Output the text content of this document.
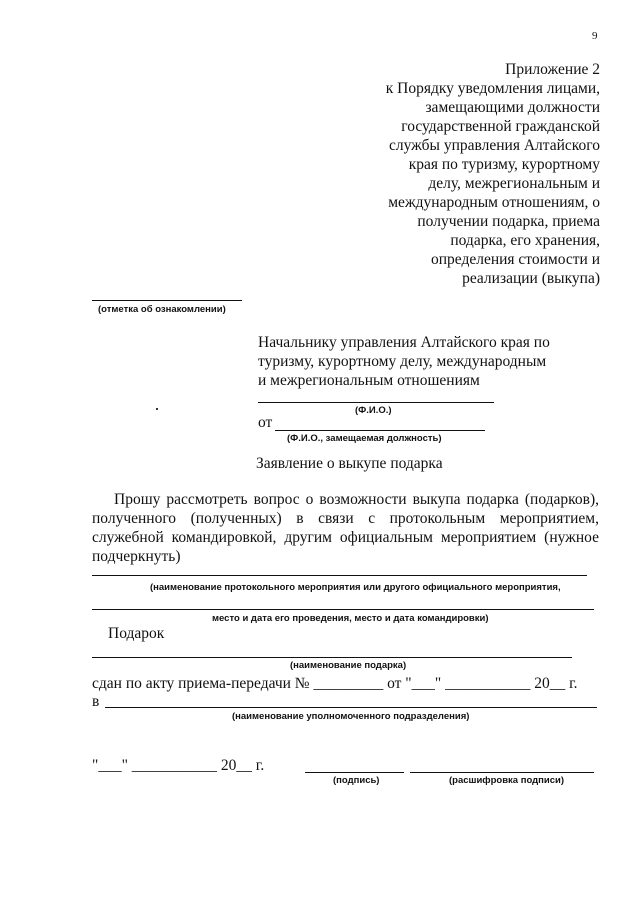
9
Приложение 2
к Порядку уведомления лицами,
замещающими должности
государственной гражданской
службы управления Алтайского
края по туризму, курортному
делу, межрегиональным и
международным отношениям, о
получении подарка, приема
подарка, его хранения,
определения стоимости и
реализации (выкупа)
(отметка об ознакомлении)
Начальнику управления Алтайского края по
туризму, курортному делу, международным
и межрегиональным отношениям
(Ф.И.О.)
от
(Ф.И.О., замещаемая должность)
Заявление о выкупе подарка
Прошу рассмотреть вопрос о возможности выкупа подарка (подарков), полученного (полученных) в связи с протокольным мероприятием, служебной командировкой, другим официальным мероприятием (нужное подчеркнуть)
(наименование протокольного мероприятия или другого официального мероприятия,
место и дата его проведения, место и дата командировки)
Подарок
(наименование подарка)
сдан по акту приема-передачи № _________ от "___" ___________ 20__ г.
в
(наименование уполномоченного подразделения)
"___" ___________ 20__ г.
(подпись)	(расшифровка подписи)
